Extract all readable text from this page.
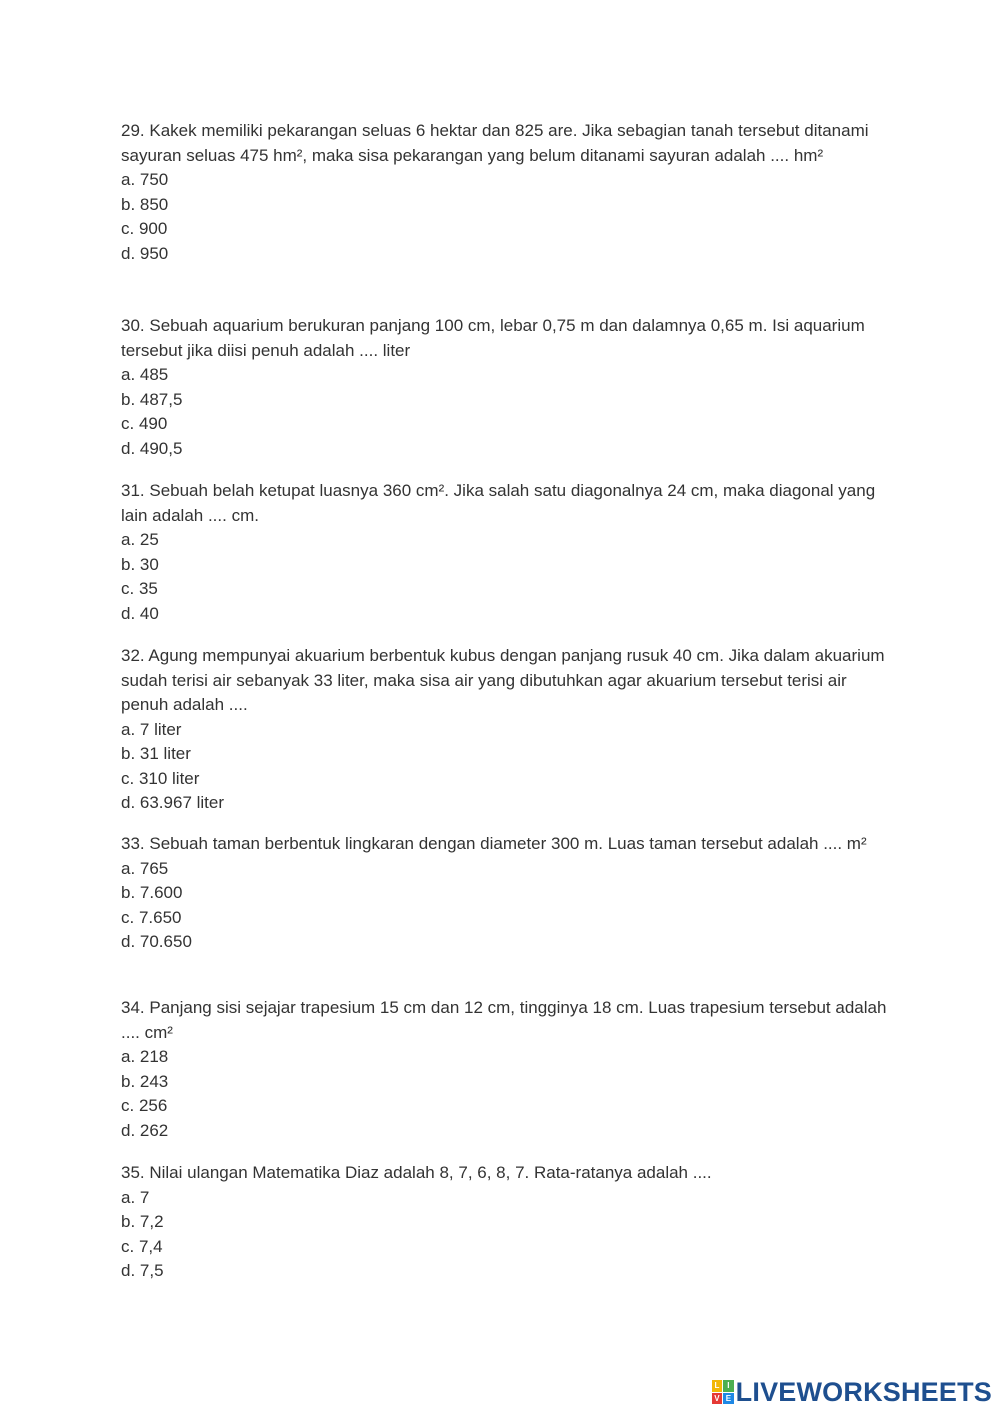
29. Kakek memiliki pekarangan seluas 6 hektar dan 825 are. Jika sebagian tanah tersebut ditanami sayuran seluas 475 hm², maka sisa pekarangan yang belum ditanami sayuran adalah .... hm²

a. 750
b. 850
c. 900
d. 950

30. Sebuah aquarium berukuran panjang 100 cm, lebar 0,75 m dan dalamnya 0,65 m. Isi aquarium tersebut jika diisi penuh adalah .... liter

a. 485
b. 487,5
c. 490
d. 490,5

31. Sebuah belah ketupat luasnya 360 cm². Jika salah satu diagonalnya 24 cm, maka diagonal yang lain adalah .... cm.

a. 25
b. 30
c. 35
d. 40

32. Agung mempunyai akuarium berbentuk kubus dengan panjang rusuk 40 cm. Jika dalam akuarium sudah terisi air sebanyak 33 liter, maka sisa air yang dibutuhkan agar akuarium tersebut terisi air penuh adalah ....

a. 7 liter
b. 31 liter
c. 310 liter
d. 63.967 liter

33. Sebuah taman berbentuk lingkaran dengan diameter 300 m. Luas taman tersebut adalah .... m²

a. 765
b. 7.600
c. 7.650
d. 70.650

34. Panjang sisi sejajar trapesium 15 cm dan 12 cm, tingginya 18 cm. Luas trapesium tersebut adalah .... cm²

a. 218
b. 243
c. 256
d. 262

35. Nilai ulangan Matematika Diaz adalah 8, 7, 6, 8, 7. Rata-ratanya adalah ....

a. 7
b. 7,2
c. 7,4
d. 7,5
L I
V E LIVEWORKSHEETS
